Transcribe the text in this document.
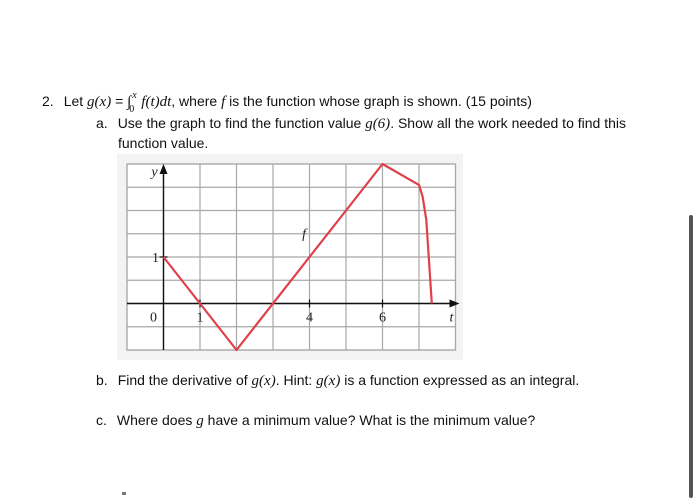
2. Let g(x) = ∫ x
0 f(t)dt, where f is the function whose graph is shown. (15 points)
a. Use the graph to find the function value g(6). Show all the work needed to find this
function value.
0	1	4	6
1
t
y
f
b. Find the derivative of g(x). Hint: g(x) is a function expressed as an integral.
c. Where does g have a minimum value? What is the minimum value?
